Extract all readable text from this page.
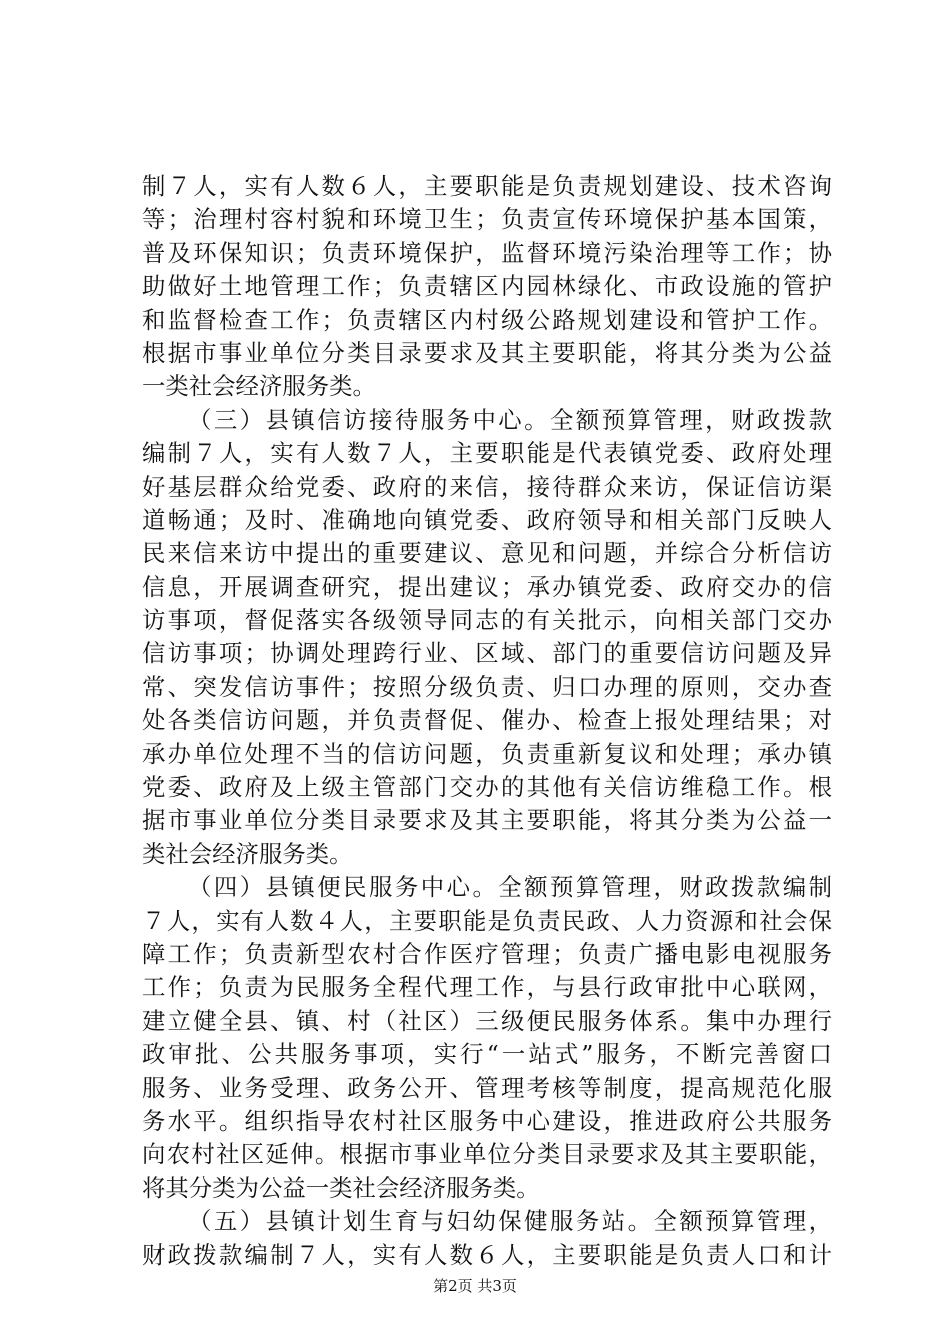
制７人，实有人数６人，主要职能是负责规划建设、技术咨询
等；治理村容村貌和环境卫生；负责宣传环境保护基本国策，
普及环保知识；负责环境保护，监督环境污染治理等工作；协
助做好土地管理工作；负责辖区内园林绿化、市政设施的管护
和监督检查工作；负责辖区内村级公路规划建设和管护工作。
根据市事业单位分类目录要求及其主要职能，将其分类为公益
一类社会经济服务类。
（三）县镇信访接待服务中心。全额预算管理，财政拨款
编制７人，实有人数７人，主要职能是代表镇党委、政府处理
好基层群众给党委、政府的来信，接待群众来访，保证信访渠
道畅通；及时、准确地向镇党委、政府领导和相关部门反映人
民来信来访中提出的重要建议、意见和问题，并综合分析信访
信息，开展调查研究，提出建议；承办镇党委、政府交办的信
访事项，督促落实各级领导同志的有关批示，向相关部门交办
信访事项；协调处理跨行业、区域、部门的重要信访问题及异
常、突发信访事件；按照分级负责、归口办理的原则，交办查
处各类信访问题，并负责督促、催办、检查上报处理结果；对
承办单位处理不当的信访问题，负责重新复议和处理；承办镇
党委、政府及上级主管部门交办的其他有关信访维稳工作。根
据市事业单位分类目录要求及其主要职能，将其分类为公益一
类社会经济服务类。
（四）县镇便民服务中心。全额预算管理，财政拨款编制
７人，实有人数４人，主要职能是负责民政、人力资源和社会保
障工作；负责新型农村合作医疗管理；负责广播电影电视服务
工作；负责为民服务全程代理工作，与县行政审批中心联网，
建立健全县、镇、村（社区）三级便民服务体系。集中办理行
政审批、公共服务事项，实行“一站式”服务，不断完善窗口
服务、业务受理、政务公开、管理考核等制度，提高规范化服
务水平。组织指导农村社区服务中心建设，推进政府公共服务
向农村社区延伸。根据市事业单位分类目录要求及其主要职能，
将其分类为公益一类社会经济服务类。
（五）县镇计划生育与妇幼保健服务站。全额预算管理，
财政拨款编制７人，实有人数６人，主要职能是负责人口和计
第2页 共3页
